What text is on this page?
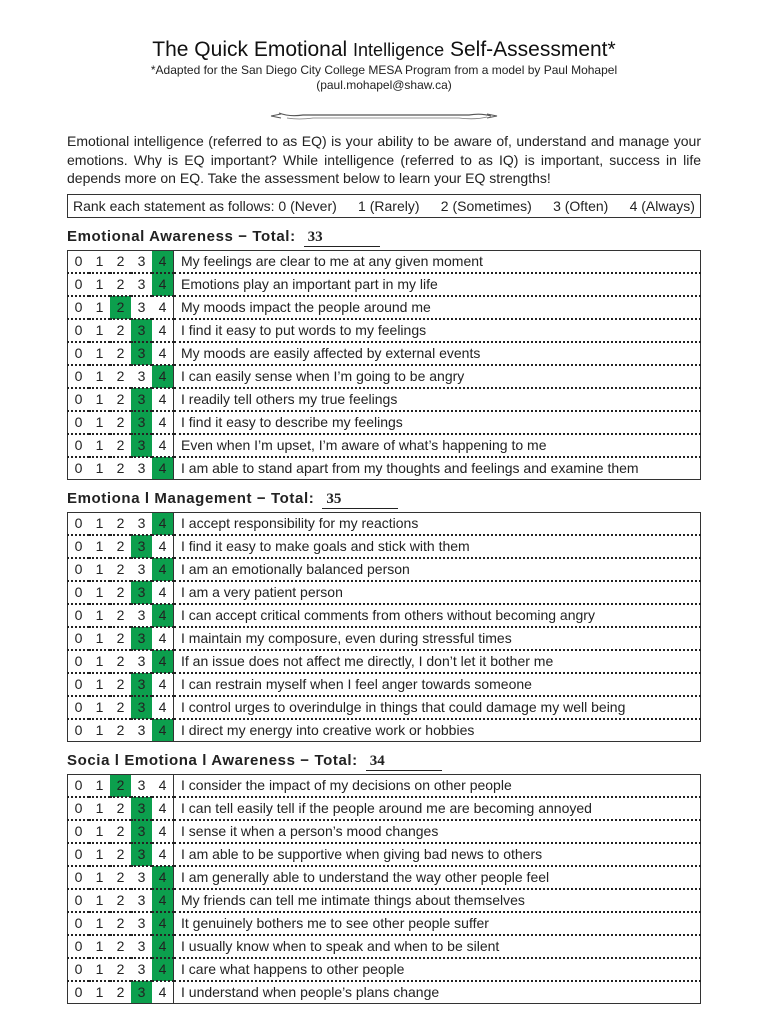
The Quick Emotional Intelligence Self-Assessment*
*Adapted for the San Diego City College MESA Program from a model by Paul Mohapel
(paul.mohapel@shaw.ca)
Emotional intelligence (referred to as EQ) is your ability to be aware of, understand and manage your emotions. Why is EQ important? While intelligence (referred to as IQ) is important, success in life depends more on EQ. Take the assessment below to learn your EQ strengths!
Rank each statement as follows: 0 (Never) 1 (Rarely) 2 (Sometimes) 3 (Often) 4 (Always)
Emotional Awareness − Total: 33
0	1	2	3	4	My feelings are clear to me at any given moment
0	1	2	3	4	Emotions play an important part in my life
0	1	2	3	4	My moods impact the people around me
0	1	2	3	4	I find it easy to put words to my feelings
0	1	2	3	4	My moods are easily affected by external events
0	1	2	3	4	I can easily sense when I’m going to be angry
0	1	2	3	4	I readily tell others my true feelings
0	1	2	3	4	I find it easy to describe my feelings
0	1	2	3	4	Even when I’m upset, I’m aware of what’s happening to me
0	1	2	3	4	I am able to stand apart from my thoughts and feelings and examine them
Emotiona l Management − Total: 35
0	1	2	3	4	I accept responsibility for my reactions
0	1	2	3	4	I find it easy to make goals and stick with them
0	1	2	3	4	I am an emotionally balanced person
0	1	2	3	4	I am a very patient person
0	1	2	3	4	I can accept critical comments from others without becoming angry
0	1	2	3	4	I maintain my composure, even during stressful times
0	1	2	3	4	If an issue does not affect me directly, I don’t let it bother me
0	1	2	3	4	I can restrain myself when I feel anger towards someone
0	1	2	3	4	I control urges to overindulge in things that could damage my well being
0	1	2	3	4	I direct my energy into creative work or hobbies
Socia l Emotiona l Awareness − Total: 34
0	1	2	3	4	I consider the impact of my decisions on other people
0	1	2	3	4	I can tell easily tell if the people around me are becoming annoyed
0	1	2	3	4	I sense it when a person’s mood changes
0	1	2	3	4	I am able to be supportive when giving bad news to others
0	1	2	3	4	I am generally able to understand the way other people feel
0	1	2	3	4	My friends can tell me intimate things about themselves
0	1	2	3	4	It genuinely bothers me to see other people suffer
0	1	2	3	4	I usually know when to speak and when to be silent
0	1	2	3	4	I care what happens to other people
0	1	2	3	4	I understand when people’s plans change
